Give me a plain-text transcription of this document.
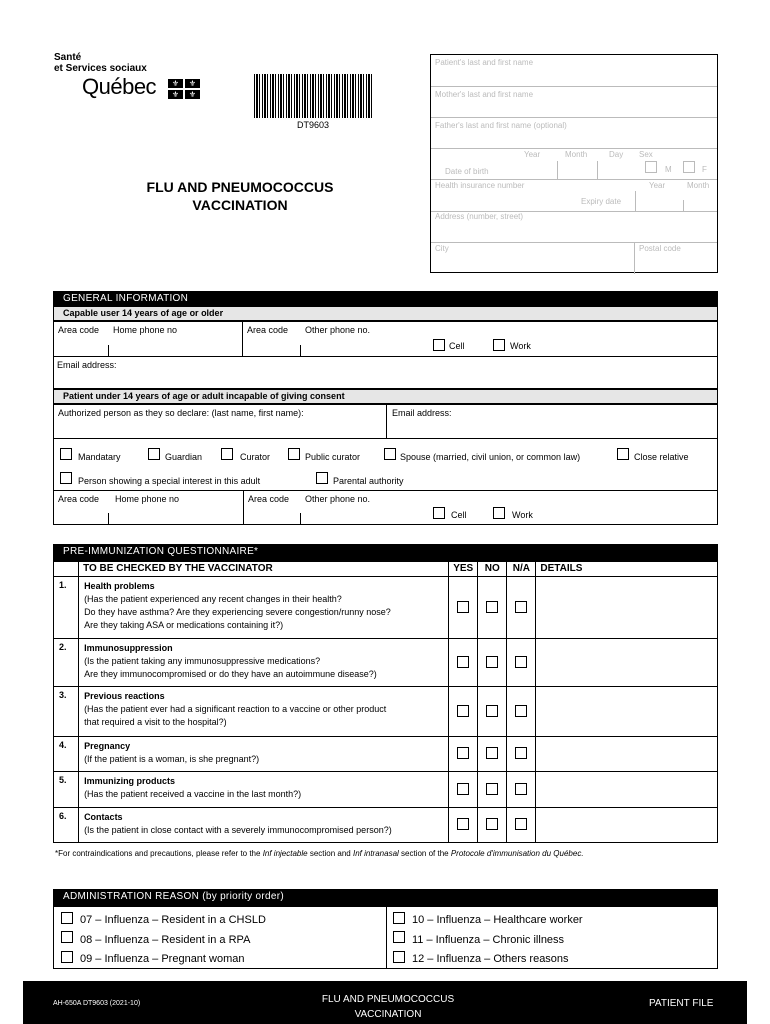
Santé
et Services sociaux
Québec	⚜	⚜
⚜	⚜
DT9603
FLU AND PNEUMOCOCCUS
VACCINATION
Patient's last and first name
Mother's last and first name
Father's last and first name (optional)
Year	Month	Day Sex
Date of birth	M	F
Health insurance number	Year	Month
Expiry date
Address (number, street)
City	Postal code
GENERAL INFORMATION
Capable user 14 years of age or older
Area code Home phone no	Area code Other phone no.
Cell	Work
Email address:
Patient under 14 years of age or adult incapable of giving consent
Authorized person as they so declare: (last name, first name):	Email address:
Mandatary	Guardian	Curator	Public curator	Spouse (married, civil union, or common law)	Close relative
Person showing a special interest in this adult	Parental authority
Area code Home phone no	Area code Other phone no.
Cell	Work
PRE-IMMUNIZATION QUESTIONNAIRE*
	TO BE CHECKED BY THE VACCINATOR	YES	NO	N/A	DETAILS
1.	Health problems
(Has the patient experienced any recent changes in their health?
Do they have asthma? Are they experiencing severe congestion/runny nose?
Are they taking ASA or medications containing it?)				

2.	Immunosuppression
(Is the patient taking any immunosuppressive medications?
Are they immunocompromised or do they have an autoimmune disease?)				

3.	Previous reactions
(Has the patient ever had a significant reaction to a vaccine or other product
that required a visit to the hospital?)				

4.	Pregnancy
(If the patient is a woman, is she pregnant?)				

5.	Immunizing products
(Has the patient received a vaccine in the last month?)				

6.	Contacts
(Is the patient in close contact with a severely immunocompromised person?)				

*For contraindications and precautions, please refer to the Inf injectable section and Inf intranasal section of the Protocole d'immunisation du Québec.
ADMINISTRATION REASON (by priority order)
07 – Influenza – Resident in a CHSLD
08 – Influenza – Resident in a RPA
09 – Influenza – Pregnant woman
10 – Influenza – Healthcare worker
11 – Influenza – Chronic illness
12 – Influenza – Others reasons
AH-650A DT9603 (2021-10)	FLU AND PNEUMOCOCCUS
VACCINATION
PATIENT FILE
